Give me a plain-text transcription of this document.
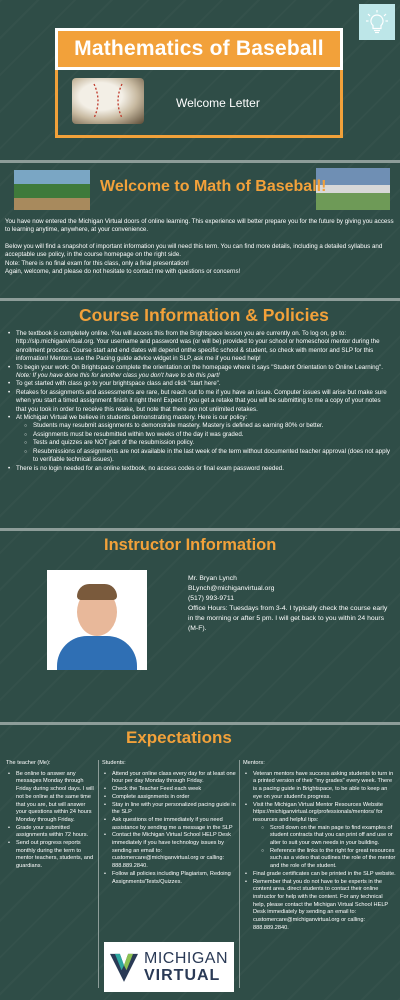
Mathematics of Baseball
Welcome Letter
Welcome to Math of Baseball!

You have now entered the Michigan Virtual doors of online learning. This experience will better prepare you for the future by giving you access to learning anytime, anywhere, at your convenience.

Below you will find a snapshot of important information you will need this term. You can find more details, including a detailed syllabus and acceptable use policy, in the course homepage on the right side.

Note: There is no final exam for this class, only a final presentation!

Again, welcome, and please do not hesitate to contact me with questions or concerns!

Course Information & Policies
• The textbook is completely online. You will access this from the Brightspace lesson you are currently on. To log on, go to: http://slp.michiganvirtual.org. Your username and password was (or will be) provided to your school or homeschool mentor during the enrollment process. Course start and end dates will depend onthe specific school & student, so check with mentor and SLP for this information! Mentors use the Pacing guide advice widget in SLP, ask me if you need help!
• To begin your work: On Brightspace complete the orientation on the homepage where it says "Student Orientation to Online Learning". Note: If you have done this for another class you don't have to do this part!
• To get started with class go to your brightspace class and click "start here".
• Retakes for assignments and assessments are rare, but reach out to me if you have an issue. Computer issues will arise but make sure when you start a timed assignment finish it right then! Expect if you get a retake that you will be submitting to me a copy of your notes that you took in order to receive this retake, but note that there are not unlimited retakes.
• At Michigan Virtual we believe in students demonstrating mastery. Here is our policy:
○ Students may resubmit assignments to demonstrate mastery. Mastery is defined as earning 80% or better.
○ Assignments must be resubmitted within two weeks of the day it was graded.
○ Tests and quizzes are NOT part of the resubmission policy.
○ Resubmissions of assignments are not available in the last week of the term without documented teacher approval (does not apply to verifiable technical issues).
• There is no login needed for an online textbook, no access codes or final exam password needed.
Instructor Information

Mr. Bryan Lynch

BLynch@michiganvirtual.org

(517) 993-9711

Office Hours: Tuesdays from 3-4. I typically check the course early in the morning or after 5 pm. I will get back to you within 24 hours (M-F).

Expectations
The teacher (Me):
• Be online to answer any messages Monday through Friday during school days. I will not be online at the same time that you are, but will answer your questions within 24 hours Monday through Friday.
• Grade your submitted assignments within 72 hours.
• Send out progress reports monthly during the term to mentor teachers, students, and guardians.
Students:
• Attend your online class every day for at least one hour per day Monday through Friday.
• Check the Teacher Feed each week
• Complete assignments in order
• Stay in line with your personalized pacing guide in the SLP
• Ask questions of me immediately if you need assistance by sending me a message in the SLP
• Contact the Michigan Virtual School HELP Desk immediately if you have technology issues by sending an email to: customercare@michiganvirtual.org or calling: 888.889.2840.
• Follow all policies including Plagiarism, Redoing Assignments/Tests/Quizzes.
Mentors:
• Veteran mentors have success asking students to turn in a printed version of their "my grades" every week. There is a pacing guide in Brightspace, to be able to keep an eye on your student's progress.
• Visit the Michigan Virtual Mentor Resources Website https://michiganvirtual.org/professionals/mentors/ for resources and helpful tips:
○ Scroll down on the main page to find examples of student contracts that you can print off and use or alter to suit your own needs in your building.
○ Reference the links to the right for great resources such as a video that outlines the role of the mentor and the role of the student.
• Final grade certificates can be printed in the SLP website.
• Remember that you do not have to be experts in the content area. direct students to contact their online instructor for help with the content. For any technical help, please contact the Michigan Virtual School HELP Desk immediately by sending an email to: customercare@michiganvirtual.org or calling: 888.889.2840.
MICHIGAN
VIRTUAL
